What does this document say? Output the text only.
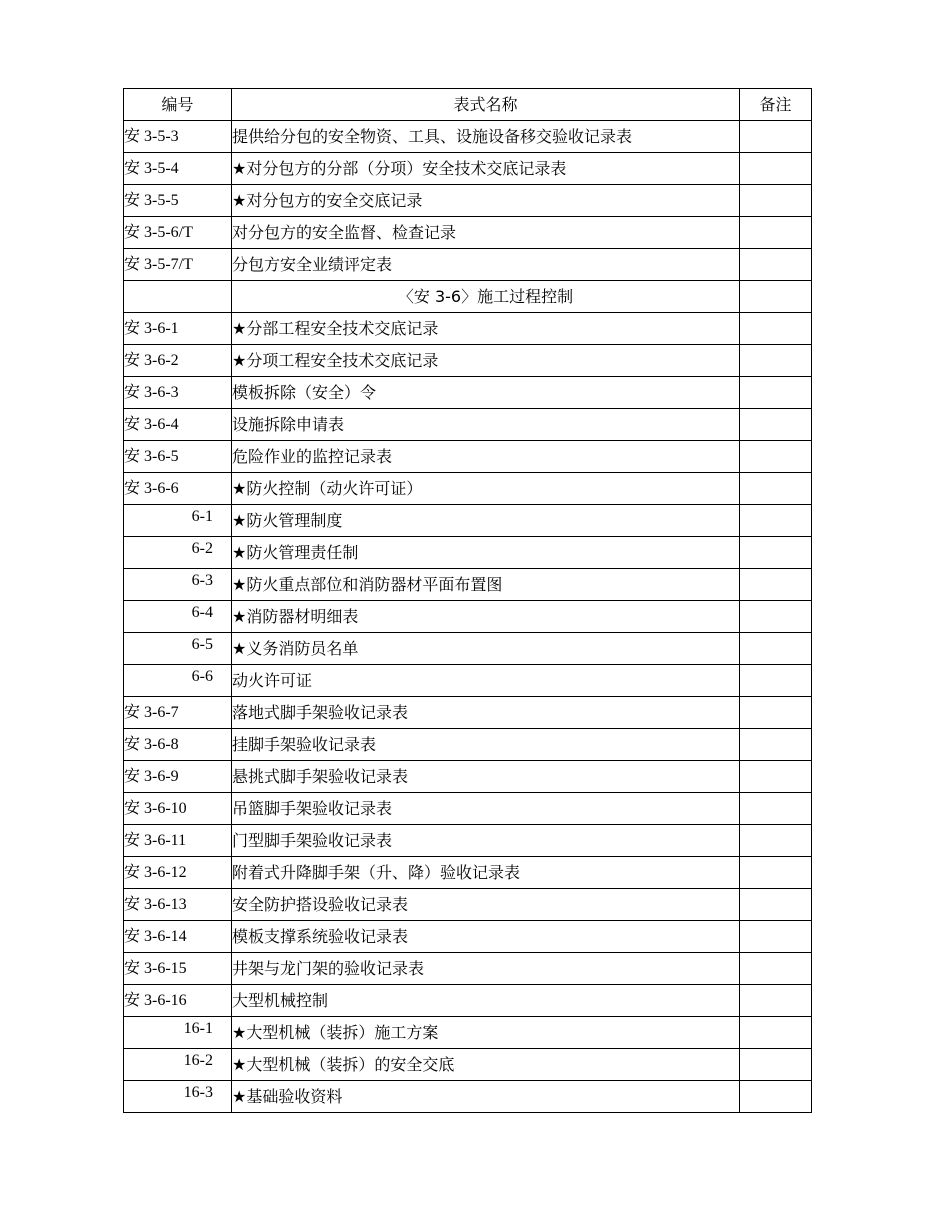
编号	表式名称	备注
安 3-5-3	提供给分包的安全物资、工具、设施设备移交验收记录表	
安 3-5-4	★对分包方的分部（分项）安全技术交底记录表	
安 3-5-5	★对分包方的安全交底记录	
安 3-5-6/T	对分包方的安全监督、检查记录	
安 3-5-7/T	分包方安全业绩评定表	
	〈安 3-6〉施工过程控制	
安 3-6-1	★分部工程安全技术交底记录	
安 3-6-2	★分项工程安全技术交底记录	
安 3-6-3	模板拆除（安全）令	
安 3-6-4	设施拆除申请表	
安 3-6-5	危险作业的监控记录表	
安 3-6-6	★防火控制（动火许可证）	
6-1	★防火管理制度	
6-2	★防火管理责任制	
6-3	★防火重点部位和消防器材平面布置图	
6-4	★消防器材明细表	
6-5	★义务消防员名单	
6-6	动火许可证	
安 3-6-7	落地式脚手架验收记录表	
安 3-6-8	挂脚手架验收记录表	
安 3-6-9	悬挑式脚手架验收记录表	
安 3-6-10	吊篮脚手架验收记录表	
安 3-6-11	门型脚手架验收记录表	
安 3-6-12	附着式升降脚手架（升、降）验收记录表	
安 3-6-13	安全防护搭设验收记录表	
安 3-6-14	模板支撑系统验收记录表	
安 3-6-15	井架与龙门架的验收记录表	
安 3-6-16	大型机械控制	
16-1	★大型机械（装拆）施工方案	
16-2	★大型机械（装拆）的安全交底	
16-3	★基础验收资料	
